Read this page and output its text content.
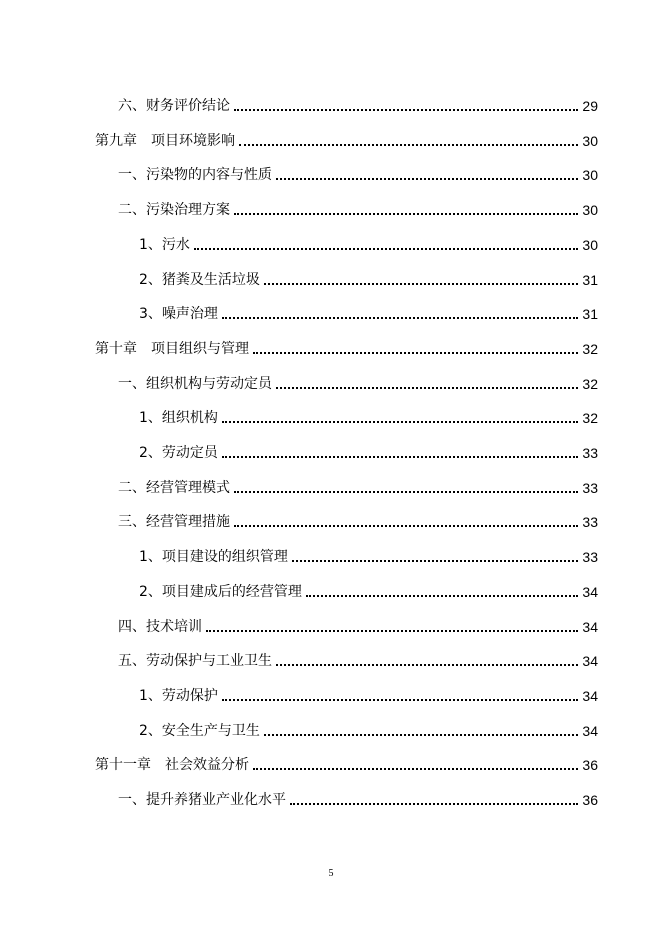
六、财务评价结论	29
第九章　项目环境影响	30
一、污染物的内容与性质	30
二、污染治理方案	30
1、污水	30
2、猪粪及生活垃圾	31
3、噪声治理	31
第十章　项目组织与管理	32
一、组织机构与劳动定员	32
1、组织机构	32
2、劳动定员	33
二、经营管理模式	33
三、经营管理措施	33
1、项目建设的组织管理	33
2、项目建成后的经营管理	34
四、技术培训	34
五、劳动保护与工业卫生	34
1、劳动保护	34
2、安全生产与卫生	34
第十一章　社会效益分析	36
一、提升养猪业产业化水平	36
5
